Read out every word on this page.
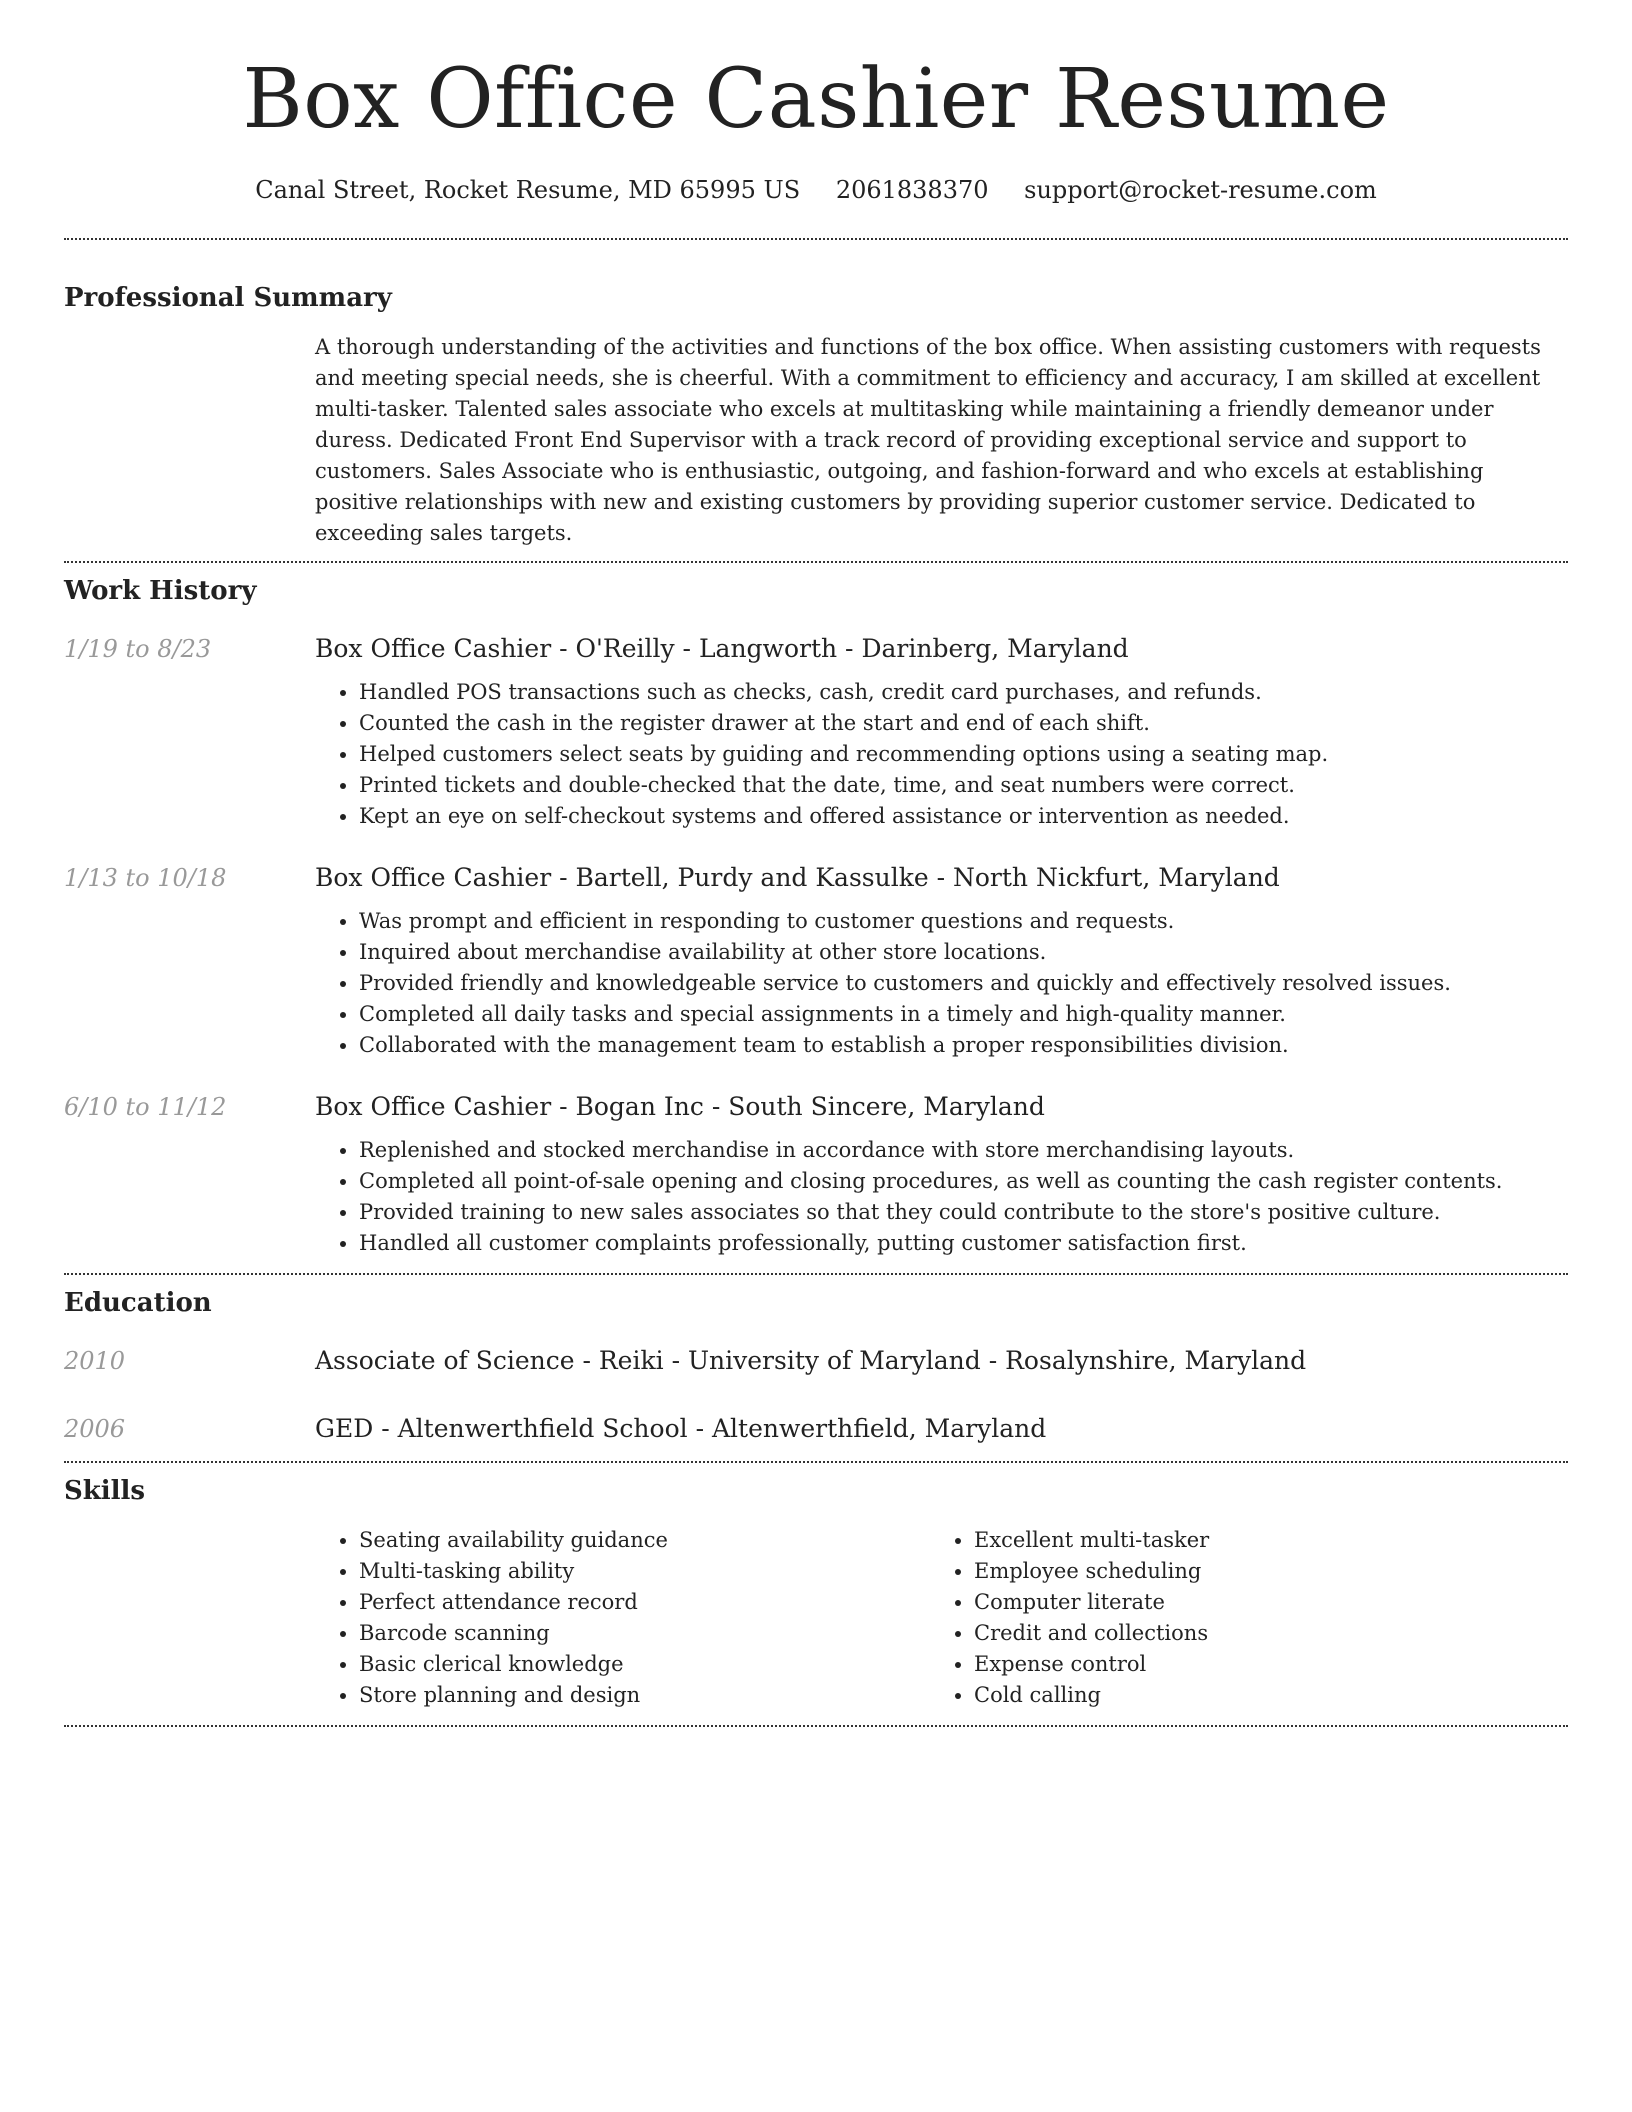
Box Office Cashier Resume
Canal Street, Rocket Resume, MD 65995 US 2061838370 support@rocket-resume.com
Professional Summary
A thorough understanding of the activities and functions of the box office. When assisting customers with requests and meeting special needs, she is cheerful. With a commitment to efficiency and accuracy, I am skilled at excellent multi-tasker. Talented sales associate who excels at multitasking while maintaining a friendly demeanor under duress. Dedicated Front End Supervisor with a track record of providing exceptional service and support to customers. Sales Associate who is enthusiastic, outgoing, and fashion-forward and who excels at establishing positive relationships with new and existing customers by providing superior customer service. Dedicated to exceeding sales targets.
Work History
1/19 to 8/23	Box Office Cashier - O'Reilly - Langworth - Darinberg, Maryland
• Handled POS transactions such as checks, cash, credit card purchases, and refunds.
• Counted the cash in the register drawer at the start and end of each shift.
• Helped customers select seats by guiding and recommending options using a seating map.
• Printed tickets and double-checked that the date, time, and seat numbers were correct.
• Kept an eye on self-checkout systems and offered assistance or intervention as needed.
1/13 to 10/18	Box Office Cashier - Bartell, Purdy and Kassulke - North Nickfurt, Maryland
• Was prompt and efficient in responding to customer questions and requests.
• Inquired about merchandise availability at other store locations.
• Provided friendly and knowledgeable service to customers and quickly and effectively resolved issues.
• Completed all daily tasks and special assignments in a timely and high-quality manner.
• Collaborated with the management team to establish a proper responsibilities division.
6/10 to 11/12	Box Office Cashier - Bogan Inc - South Sincere, Maryland
• Replenished and stocked merchandise in accordance with store merchandising layouts.
• Completed all point-of-sale opening and closing procedures, as well as counting the cash register contents.
• Provided training to new sales associates so that they could contribute to the store's positive culture.
• Handled all customer complaints professionally, putting customer satisfaction first.
Education
2010	Associate of Science - Reiki - University of Maryland - Rosalynshire, Maryland
2006	GED - Altenwerthfield School - Altenwerthfield, Maryland
Skills
• Seating availability guidance
• Multi-tasking ability
• Perfect attendance record
• Barcode scanning
• Basic clerical knowledge
• Store planning and design
• Excellent multi-tasker
• Employee scheduling
• Computer literate
• Credit and collections
• Expense control
• Cold calling
